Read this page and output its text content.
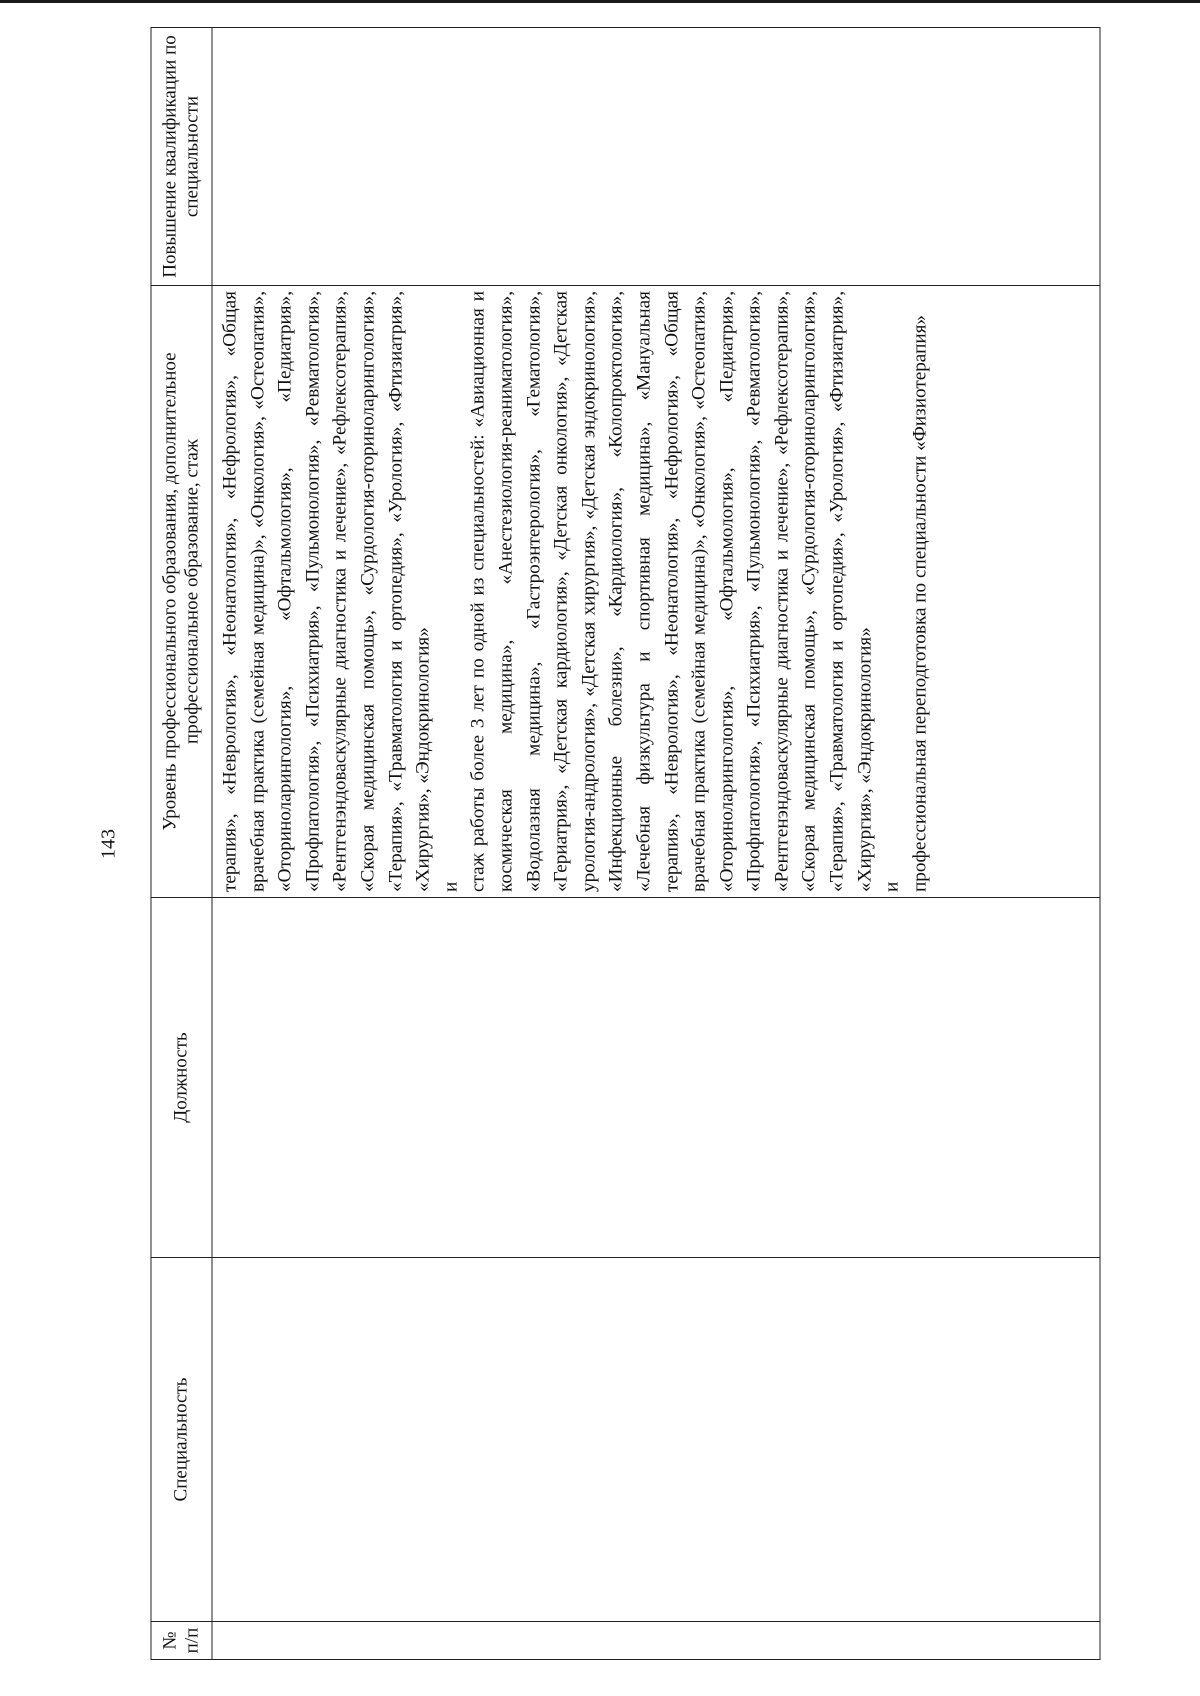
143
№ п/п	Специальность	Должность	Уровень профессионального образования, дополнительное профессиональное образование, стаж	Повышение квалификации по специальности

			терапия», «Неврология», «Неонатология», «Нефрология», «Общая врачебная практика (семейная медицина)», «Онкология», «Остеопатия», «Оториноларингология», «Офтальмология», «Педиатрия», «Профпатология», «Психиатрия», «Пульмонология», «Ревматология», «Рентгенэндоваскулярные диагностика и лечение», «Рефлексотерапия», «Скорая медицинская помощь», «Сурдология-оториноларингология», «Терапия», «Травматология и ортопедия», «Урология», «Фтизиатрия», «Хирургия», «Эндокринология» и стаж работы более 3 лет по одной из специальностей: «Авиационная и космическая медицина», «Анестезиология-реаниматология», «Водолазная медицина», «Гастроэнтерология», «Гематология», «Гериатрия», «Детская кардиология», «Детская онкология», «Детская урология-андрология», «Детская хирургия», «Детская эндокринология», «Инфекционные болезни», «Кардиология», «Колопроктология», «Лечебная физкультура и спортивная медицина», «Мануальная терапия», «Неврология», «Неонатология», «Нефрология», «Общая врачебная практика (семейная медицина)», «Онкология», «Остеопатия», «Оториноларингология», «Офтальмология», «Педиатрия», «Профпатология», «Психиатрия», «Пульмонология», «Ревматология», «Рентгенэндоваскулярные диагностика и лечение», «Рефлексотерапия», «Скорая медицинская помощь», «Сурдология-оториноларингология», «Терапия», «Травматология и ортопедия», «Урология», «Фтизиатрия», «Хирургия», «Эндокринология» и профессиональная переподготовка по специальности «Физиотерапия»	
